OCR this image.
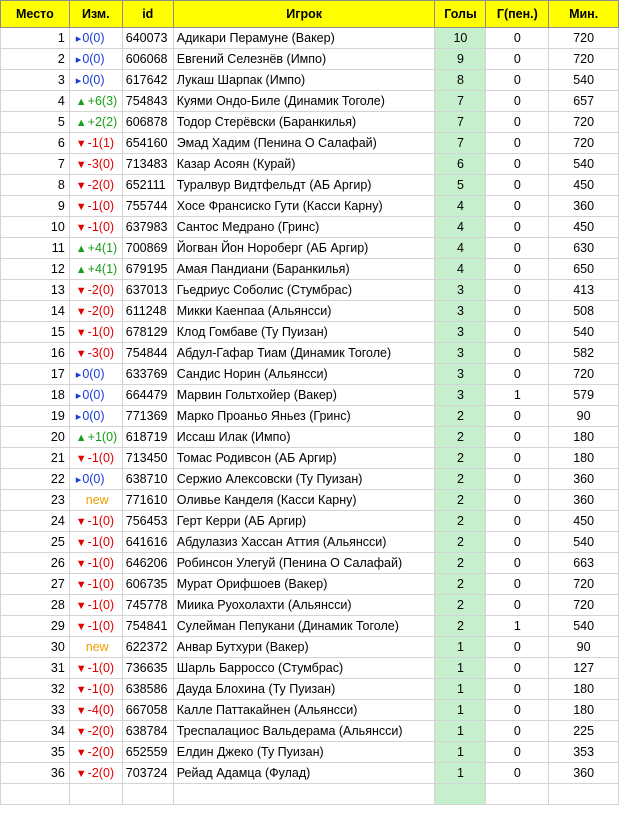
Место	Изм.	id	Игрок	Голы	Г(пен.)	Мин.
1	▸0(0)	640073	Адикари Перамуне (Вакер)	10	0	720
2	▸0(0)	606068	Евгений Селезнёв (Импо)	9	0	720
3	▸0(0)	617642	Лукаш Шарпак (Импо)	8	0	540
4	▲+6(3)	754843	Куями Ондо-Биле (Динамик Тоголе)	7	0	657
5	▲+2(2)	606878	Тодор Стерёвски (Баранкилья)	7	0	720
6	▼-1(1)	654160	Эмад Хадим (Пенина О Салафай)	7	0	720
7	▼-3(0)	713483	Казар Асоян (Курай)	6	0	540
8	▼-2(0)	652111	Туралвур Видтфельдт (АБ Аргир)	5	0	450
9	▼-1(0)	755744	Хосе Франсиско Гути (Касси Карну)	4	0	360
10	▼-1(0)	637983	Сантос Медрано (Гринс)	4	0	450
11	▲+4(1)	700869	Йогван Йон Нороберг (АБ Аргир)	4	0	630
12	▲+4(1)	679195	Амая Пандиани (Баранкилья)	4	0	650
13	▼-2(0)	637013	Гьедриус Соболис (Стумбрас)	3	0	413
14	▼-2(0)	611248	Микки Каенпаа (Альянсси)	3	0	508
15	▼-1(0)	678129	Клод Гомбаве (Ту Пуизан)	3	0	540
16	▼-3(0)	754844	Абдул-Гафар Тиам (Динамик Тоголе)	3	0	582
17	▸0(0)	633769	Сандис Норин (Альянсси)	3	0	720
18	▸0(0)	664479	Марвин Гольтхойер (Вакер)	3	1	579
19	▸0(0)	771369	Марко Проаньо Яньез (Гринс)	2	0	90
20	▲+1(0)	618719	Иссаш Илак (Импо)	2	0	180
21	▼-1(0)	713450	Томас Родивсон (АБ Аргир)	2	0	180
22	▸0(0)	638710	Сержио Алексовски (Ту Пуизан)	2	0	360
23	new	771610	Оливье Канделя (Касси Карну)	2	0	360
24	▼-1(0)	756453	Герт Керри (АБ Аргир)	2	0	450
25	▼-1(0)	641616	Абдулазиз Хассан Аттия (Альянсси)	2	0	540
26	▼-1(0)	646206	Робинсон Улегуй (Пенина О Салафай)	2	0	663
27	▼-1(0)	606735	Мурат Орифшоев (Вакер)	2	0	720
28	▼-1(0)	745778	Миика Руохолахти (Альянсси)	2	0	720
29	▼-1(0)	754841	Сулейман Пепукани (Динамик Тоголе)	2	1	540
30	new	622372	Анвар Бутхури (Вакер)	1	0	90
31	▼-1(0)	736635	Шарль Барроссо (Стумбрас)	1	0	127
32	▼-1(0)	638586	Дауда Блохина (Ту Пуизан)	1	0	180
33	▼-4(0)	667058	Калле Паттакайнен (Альянсси)	1	0	180
34	▼-2(0)	638784	Треспалациос Вальдерама (Альянсси)	1	0	225
35	▼-2(0)	652559	Елдин Джеко (Ту Пуизан)	1	0	353
36	▼-2(0)	703724	Рейад Адамца (Фулад)	1	0	360
